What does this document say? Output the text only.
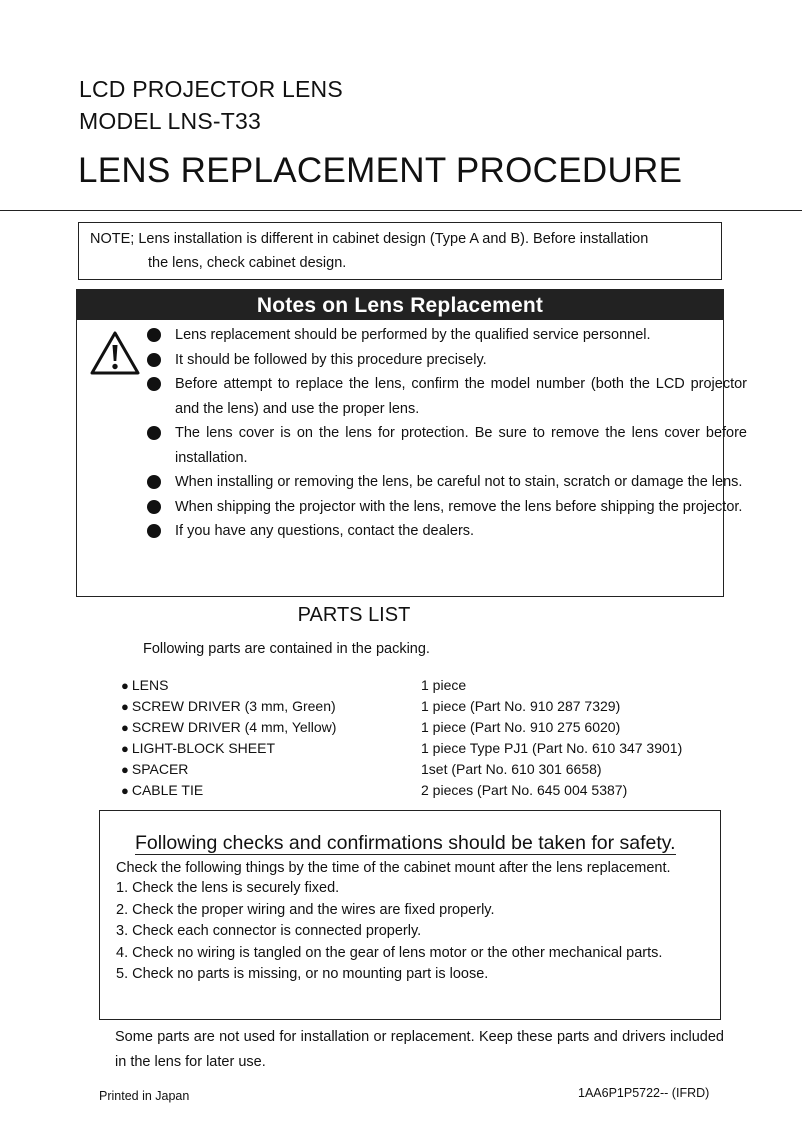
LCD PROJECTOR LENS
MODEL LNS-T33
LENS REPLACEMENT PROCEDURE
NOTE; Lens installation is different in cabinet design (Type A and B). Before installation
the lens, check cabinet design.
Notes on Lens Replacement
Lens replacement should be performed by the qualified service personnel.
It should be followed by this procedure precisely.
Before attempt to replace the lens, confirm the model number (both the LCD projector and the lens) and use the proper lens.
The lens cover is on the lens for protection. Be sure to remove the lens cover before installation.
When installing or removing the lens, be careful not to stain, scratch or damage the lens.
When shipping the projector with the lens, remove the lens before shipping the projector.
If you have any questions, contact the dealers.
PARTS LIST
Following parts are contained in the packing.
● LENS	1 piece
● SCREW DRIVER (3 mm, Green)	1 piece (Part No. 910 287 7329)
● SCREW DRIVER (4 mm, Yellow)	1 piece (Part No. 910 275 6020)
● LIGHT-BLOCK SHEET	1 piece Type PJ1 (Part No. 610 347 3901)
● SPACER	1set (Part No. 610 301 6658)
● CABLE TIE	2 pieces (Part No. 645 004 5387)
Following checks and confirmations should be taken for safety.
Check the following things by the time of the cabinet mount after the lens replacement.
1. Check the lens is securely fixed.
2. Check the proper wiring and the wires are fixed properly.
3. Check each connector is connected properly.
4. Check no wiring is tangled on the gear of lens motor or the other mechanical parts.
5. Check no parts is missing, or no mounting part is loose.
Some parts are not used for installation or replacement. Keep these parts and drivers included in the lens for later use.
Printed in Japan	1AA6P1P5722-- (IFRD)
